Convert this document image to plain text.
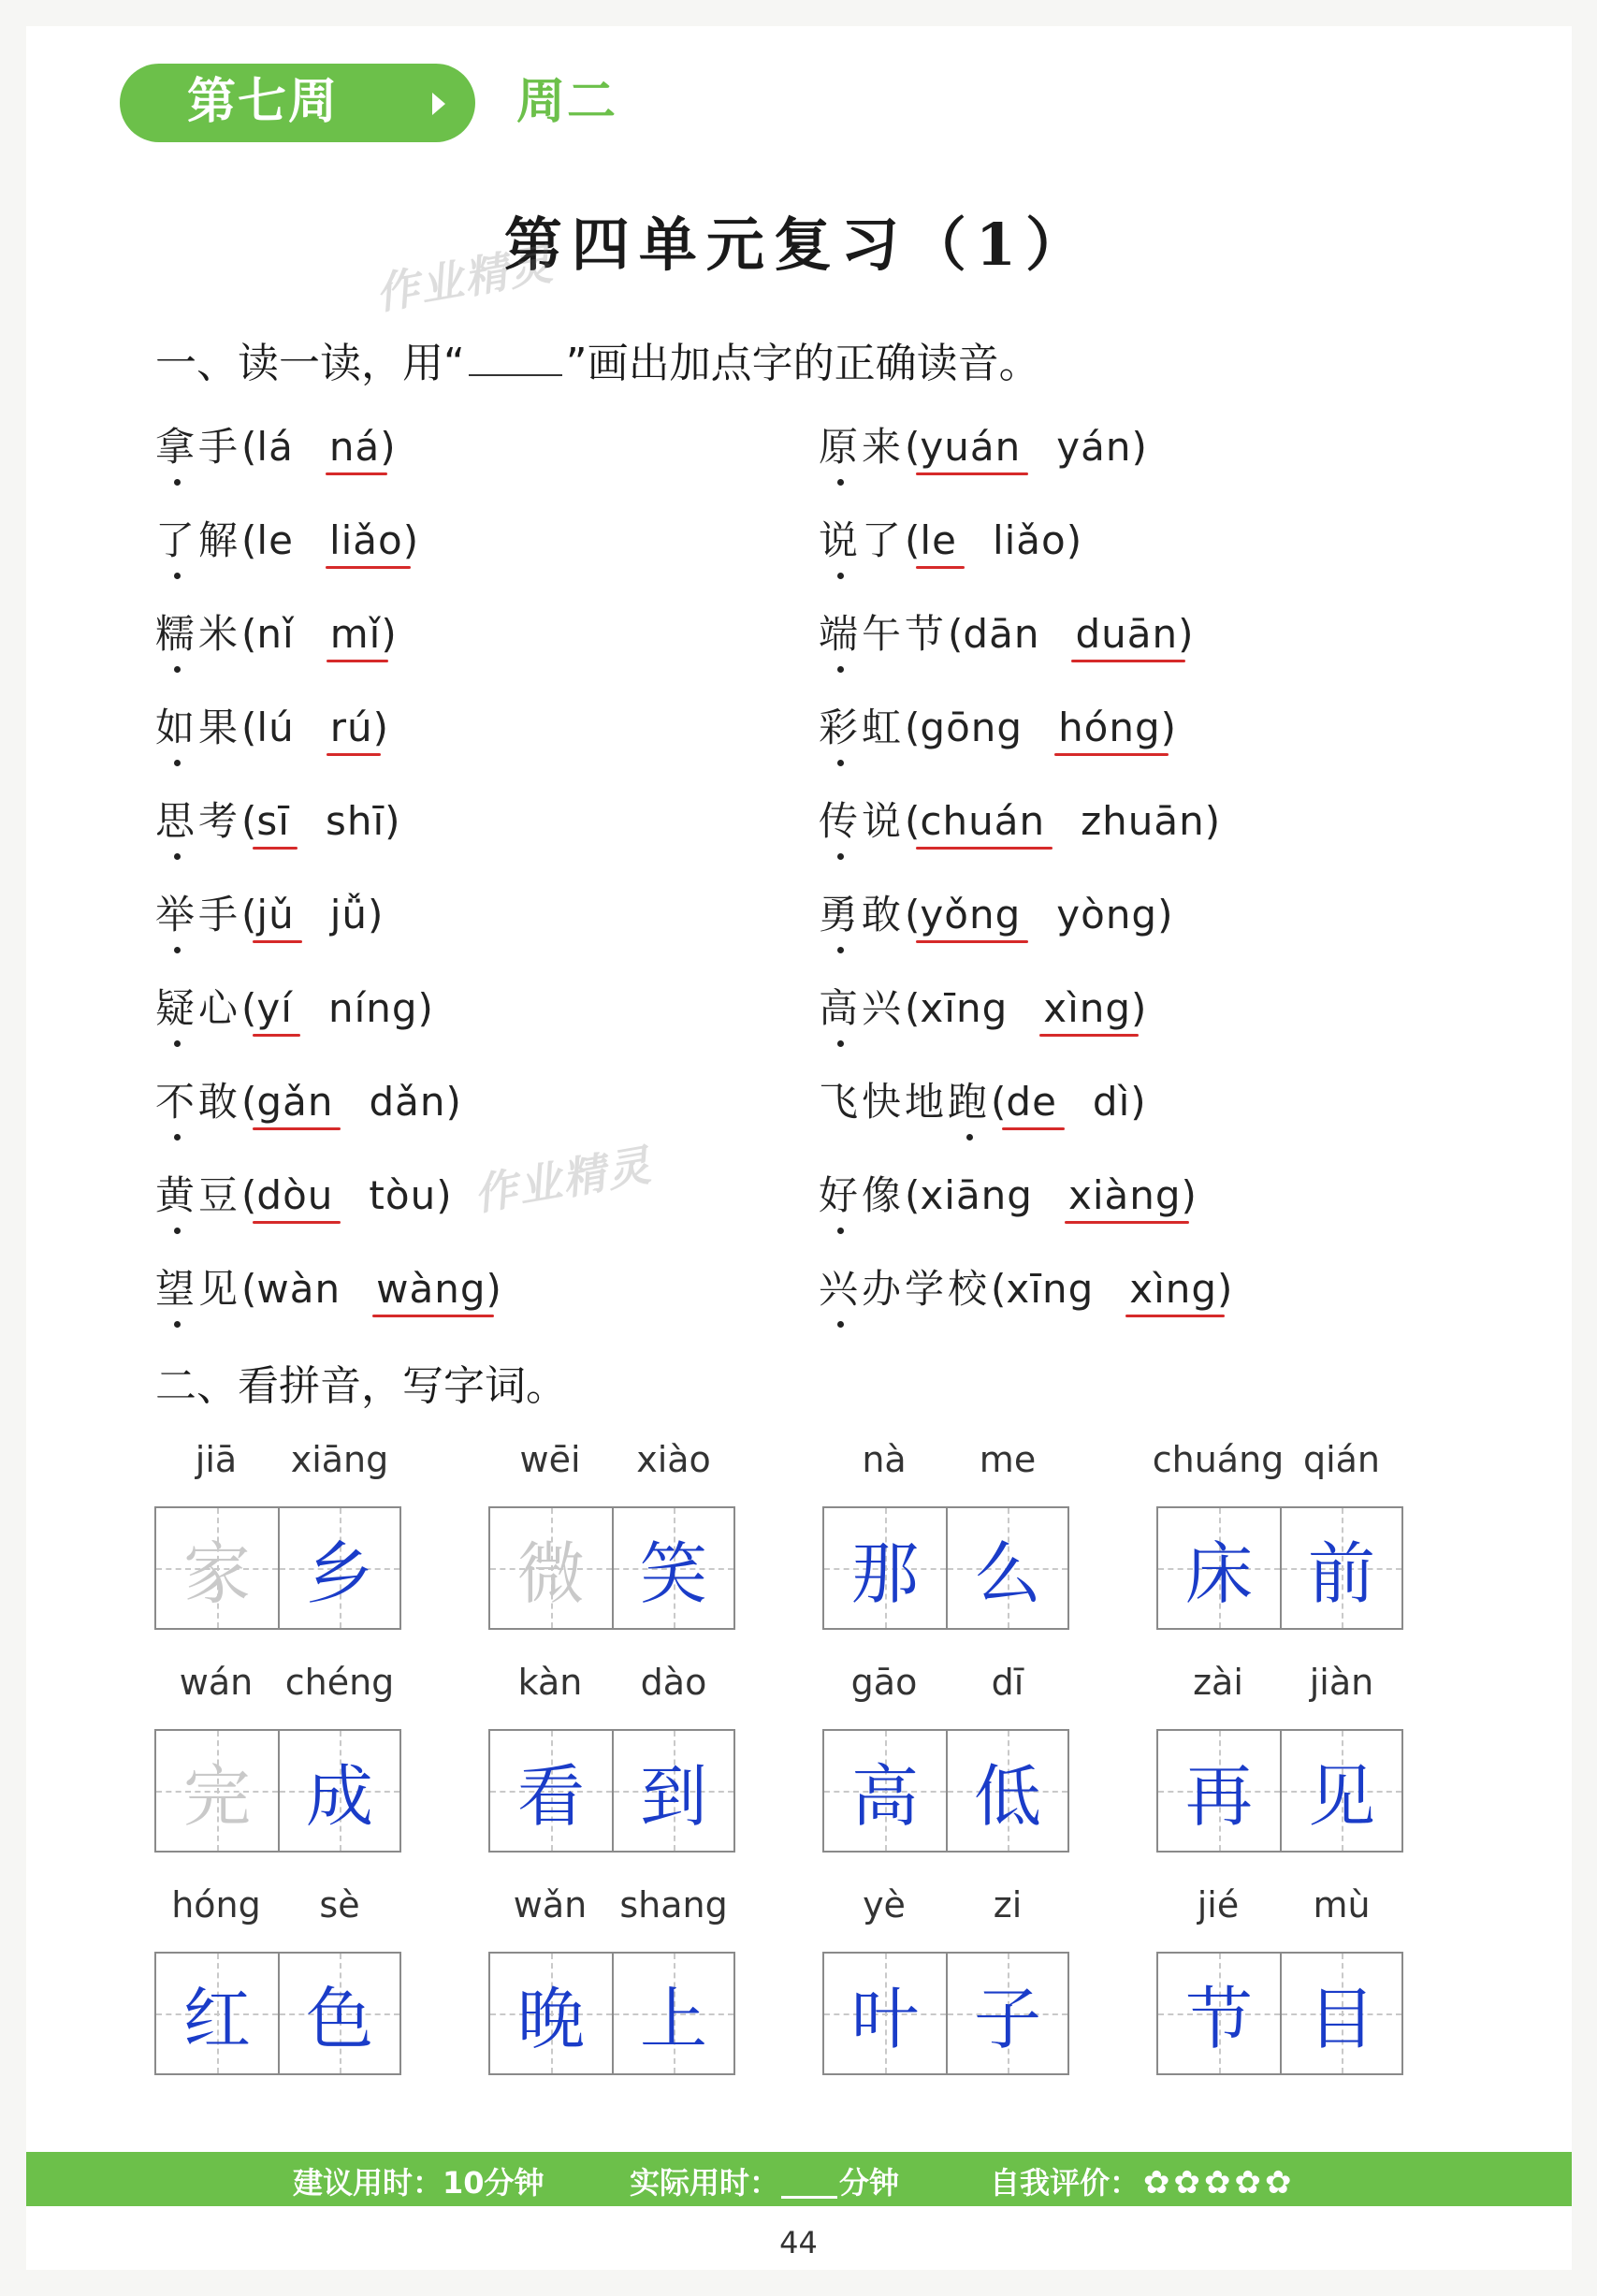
第七周	周二
第四单元复习（1）
作业精灵
作业精灵
一、读一读，用“ ”画出加点字的正确读音。
拿手(lá ná)
了解(le liǎo)
糯米(nǐ mǐ)
如果(lú rú)
思考(sī shī)
举手(jǔ jǚ)
疑心(yí níng)
不敢(gǎn dǎn)
黄豆(dòu tòu)
望见(wàn wàng)
原来(yuán yán)
说了(le liǎo)
端午节(dān duān)
彩虹(gōng hóng)
传说(chuán zhuān)
勇敢(yǒng yòng)
高兴(xīng xìng)
飞快地跑(de dì)
好像(xiāng xiàng)
兴办学校(xīng xìng)
二、看拼音，写字词。
jiā xiāng
家 乡
wēi xiào
微 笑
nà me
那 么
chuáng qián
床 前
wán chéng
完 成
kàn dào
看 到
gāo dī
高 低
zài jiàn
再 见
hóng sè
红 色
wǎn shang
晚 上
yè zi
叶 子
jié mù
节 目
建议用时：10分钟	实际用时： 分钟	自我评价： ✿ ✿ ✿ ✿ ✿
44
